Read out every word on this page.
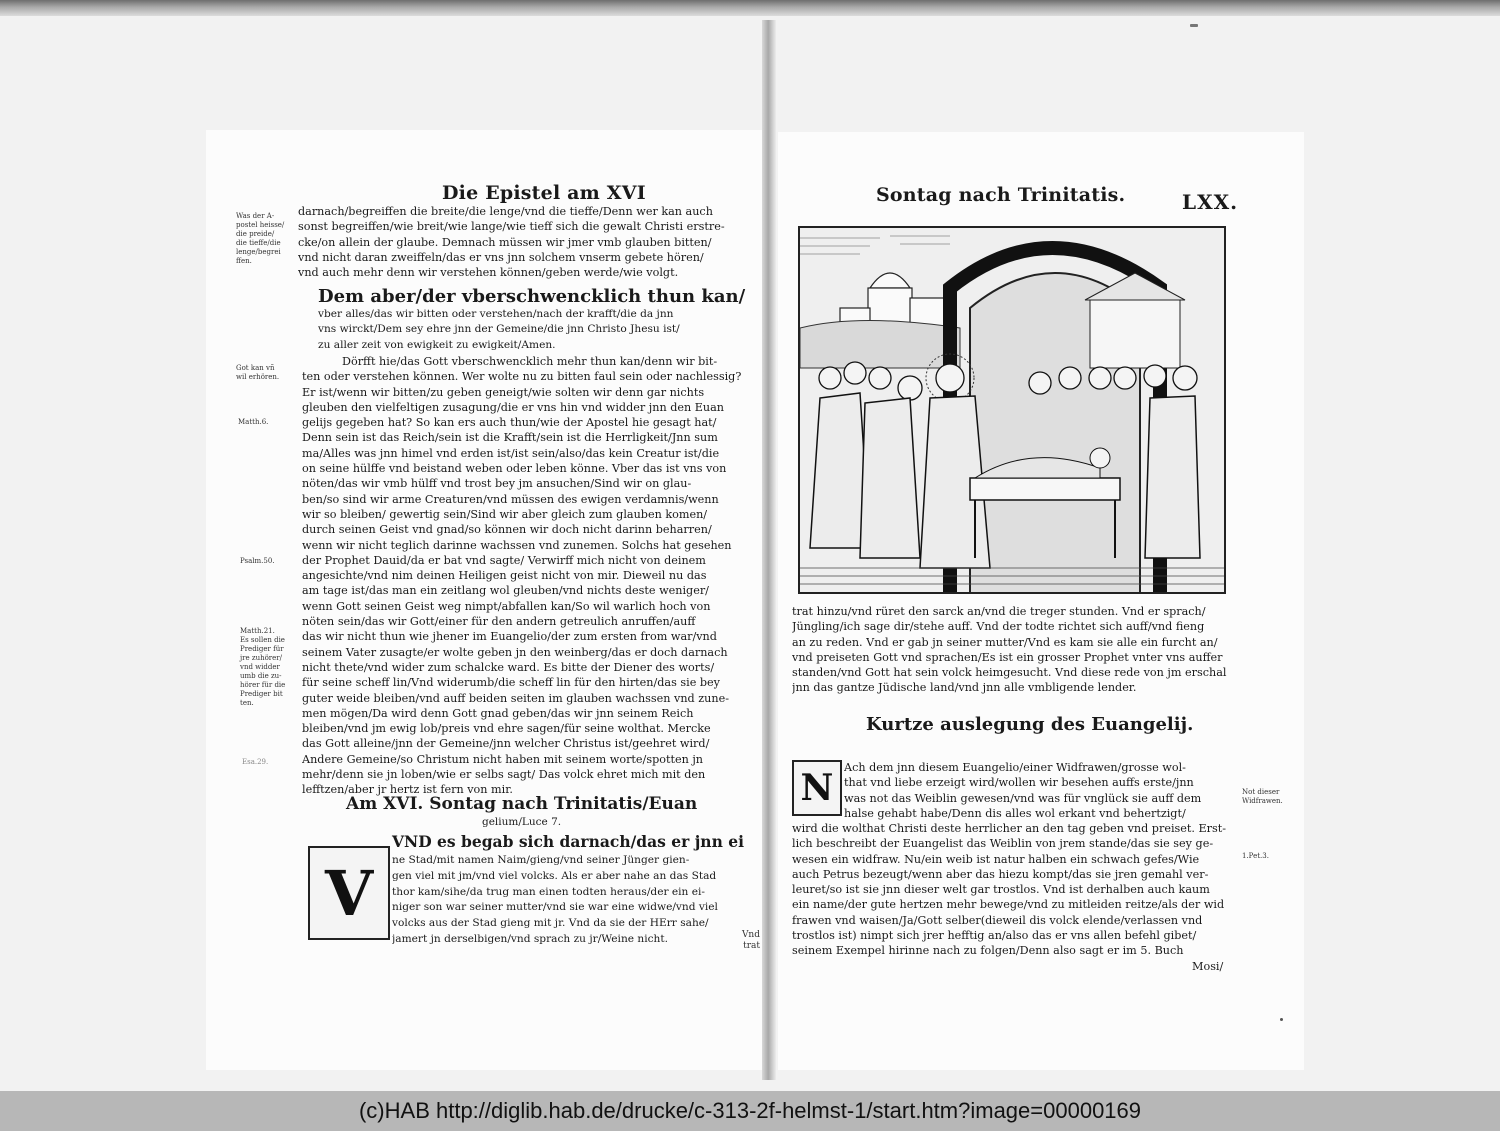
Die Epistel am XVI
Was der A-
postel heisse/
die preide/
die tieffe/die
lenge/begrei
ffen.
Got kan vñ
wil erhören.
Matth.6.
Psalm.50.
Matth.21.
Es sollen die
Prediger für
jre zuhörer/
vnd widder
umb die zu-
hörer für die
Prediger bit
ten.
Esa.29.
darnach/begreiffen die breite/die lenge/vnd die tieffe/Denn wer kan auch
sonst begreiffen/wie breit/wie lange/wie tieff sich die gewalt Christi erstre-
cke/on allein der glaube. Demnach müssen wir jmer vmb glauben bitten/
vnd nicht daran zweiffeln/das er vns jnn solchem vnserm gebete hören/
vnd auch mehr denn wir verstehen können/geben werde/wie volgt.
Dem aber/der vberschwencklich thun kan/
vber alles/das wir bitten oder verstehen/nach der krafft/die da jnn
vns wirckt/Dem sey ehre jnn der Gemeine/die jnn Christo Jhesu ist/
zu aller zeit von ewigkeit zu ewigkeit/Amen.
Dörfft hie/das Gott vberschwencklich mehr thun kan/denn wir bit-
ten oder verstehen können. Wer wolte nu zu bitten faul sein oder nachlessig?
Er ist/wenn wir bitten/zu geben geneigt/wie solten wir denn gar nichts
gleuben den vielfeltigen zusagung/die er vns hin vnd widder jnn den Euan
gelijs gegeben hat? So kan ers auch thun/wie der Apostel hie gesagt hat/
Denn sein ist das Reich/sein ist die Krafft/sein ist die Herrligkeit/Jnn sum
ma/Alles was jnn himel vnd erden ist/ist sein/also/das kein Creatur ist/die
on seine hülffe vnd beistand weben oder leben könne. Vber das ist vns von
nöten/das wir vmb hülff vnd trost bey jm ansuchen/Sind wir on glau-
ben/so sind wir arme Creaturen/vnd müssen des ewigen verdamnis/wenn
wir so bleiben/ gewertig sein/Sind wir aber gleich zum glauben komen/
durch seinen Geist vnd gnad/so können wir doch nicht darinn beharren/
wenn wir nicht teglich darinne wachssen vnd zunemen. Solchs hat gesehen
der Prophet Dauid/da er bat vnd sagte/ Verwirff mich nicht von deinem
angesichte/vnd nim deinen Heiligen geist nicht von mir. Dieweil nu das
am tage ist/das man ein zeitlang wol gleuben/vnd nichts deste weniger/
wenn Gott seinen Geist weg nimpt/abfallen kan/So wil warlich hoch von
nöten sein/das wir Gott/einer für den andern getreulich anruffen/auff
das wir nicht thun wie jhener im Euangelio/der zum ersten from war/vnd
seinem Vater zusagte/er wolte geben jn den weinberg/das er doch darnach
nicht thete/vnd wider zum schalcke ward. Es bitte der Diener des worts/
für seine scheff lin/Vnd widerumb/die scheff lin für den hirten/das sie bey
guter weide bleiben/vnd auff beiden seiten im glauben wachssen vnd zune-
men mögen/Da wird denn Gott gnad geben/das wir jnn seinem Reich
bleiben/vnd jm ewig lob/preis vnd ehre sagen/für seine wolthat. Mercke
das Gott alleine/jnn der Gemeine/jnn welcher Christus ist/geehret wird/
Andere Gemeine/so Christum nicht haben mit seinem worte/spotten jn
mehr/denn sie jn loben/wie er selbs sagt/ Das volck ehret mich mit den
lefftzen/aber jr hertz ist fern von mir.
Am XVI. Sontag nach Trinitatis/Euan
gelium/Luce 7.
V
VND es begab sich darnach/das er jnn ei
ne Stad/mit namen Naim/gieng/vnd seiner Jünger gien-
gen viel mit jm/vnd viel volcks. Als er aber nahe an das Stad
thor kam/sihe/da trug man einen todten heraus/der ein ei-
niger son war seiner mutter/vnd sie war eine widwe/vnd viel
volcks aus der Stad gieng mit jr. Vnd da sie der HErr sahe/
jamert jn derselbigen/vnd sprach zu jr/Weine nicht.	Vnd trat
Sontag nach Trinitatis.	LXX.
trat hinzu/vnd rüret den sarck an/vnd die treger stunden. Vnd er sprach/
Jüngling/ich sage dir/stehe auff. Vnd der todte richtet sich auff/vnd fieng
an zu reden. Vnd er gab jn seiner mutter/Vnd es kam sie alle ein furcht an/
vnd preiseten Gott vnd sprachen/Es ist ein grosser Prophet vnter vns auffer
standen/vnd Gott hat sein volck heimgesucht. Vnd diese rede von jm erschal
jnn das gantze Jüdische land/vnd jnn alle vmbligende lender.
Kurtze auslegung des Euangelij.
N Ach dem jnn diesem Euangelio/einer Widfrawen/grosse wol-
that vnd liebe erzeigt wird/wollen wir besehen auffs erste/jnn
was not das Weiblin gewesen/vnd was für vnglück sie auff dem
halse gehabt habe/Denn dis alles wol erkant vnd behertzigt/
wird die wolthat Christi deste herrlicher an den tag geben vnd preiset. Erst-
lich beschreibt der Euangelist das Weiblin von jrem stande/das sie sey ge-
wesen ein widfraw. Nu/ein weib ist natur halben ein schwach gefes/Wie
auch Petrus bezeugt/wenn aber das hiezu kompt/das sie jren gemahl ver-
leuret/so ist sie jnn dieser welt gar trostlos. Vnd ist derhalben auch kaum
ein name/der gute hertzen mehr bewege/vnd zu mitleiden reitze/als der wid
frawen vnd waisen/Ja/Gott selber(dieweil dis volck elende/verlassen vnd
trostlos ist) nimpt sich jrer hefftig an/also das er vns allen befehl gibet/
seinem Exempel hirinne nach zu folgen/Denn also sagt er im 5. Buch
Mosi/
Not dieser
Widfrawen.
1.Pet.3.
(c)HAB http://diglib.hab.de/drucke/c-313-2f-helmst-1/start.htm?image=00000169
